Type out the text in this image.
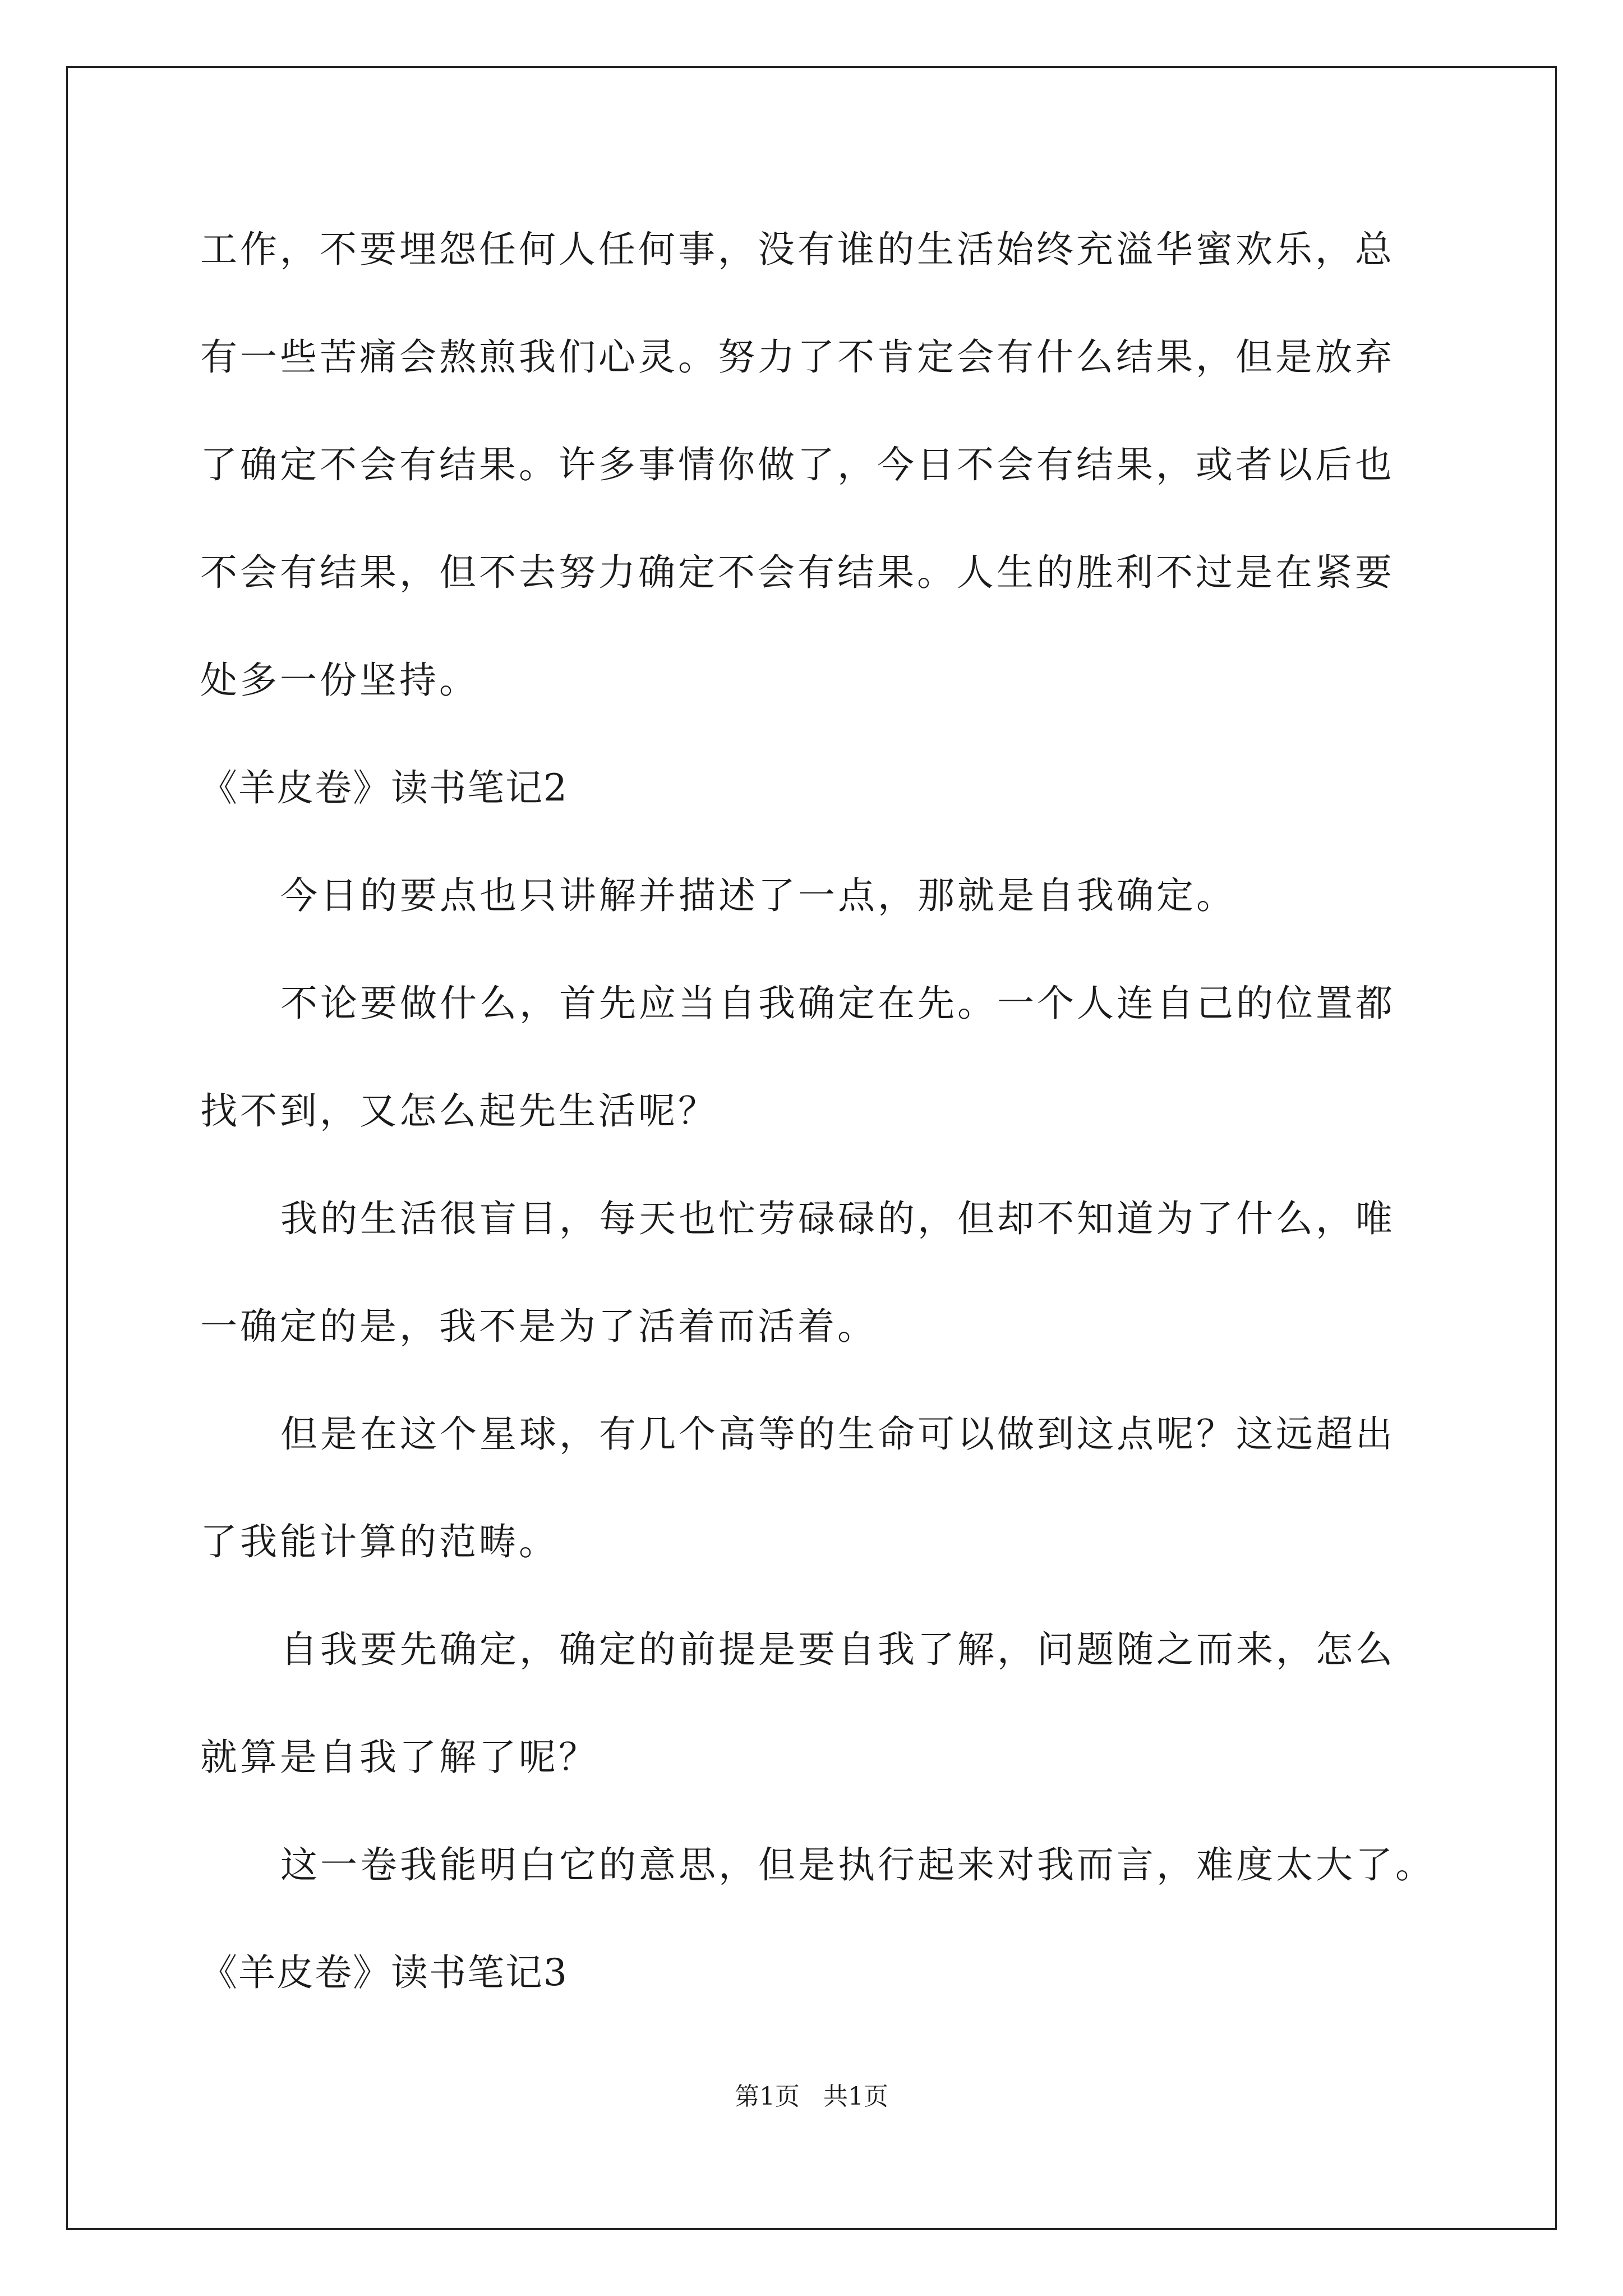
工作，不要埋怨任何人任何事，没有谁的生活始终充溢华蜜欢乐，总
有一些苦痛会熬煎我们心灵。努力了不肯定会有什么结果，但是放弃
了确定不会有结果。许多事情你做了，今日不会有结果，或者以后也
不会有结果，但不去努力确定不会有结果。人生的胜利不过是在紧要
处多一份坚持。
《羊皮卷》读书笔记2
今日的要点也只讲解并描述了一点，那就是自我确定。
不论要做什么，首先应当自我确定在先。一个人连自己的位置都
找不到，又怎么起先生活呢？
我的生活很盲目，每天也忙劳碌碌的，但却不知道为了什么，唯
一确定的是，我不是为了活着而活着。
但是在这个星球，有几个高等的生命可以做到这点呢？这远超出
了我能计算的范畴。
自我要先确定，确定的前提是要自我了解，问题随之而来，怎么
就算是自我了解了呢？
这一卷我能明白它的意思，但是执行起来对我而言，难度太大了。
《羊皮卷》读书笔记3
第1页   共1页
